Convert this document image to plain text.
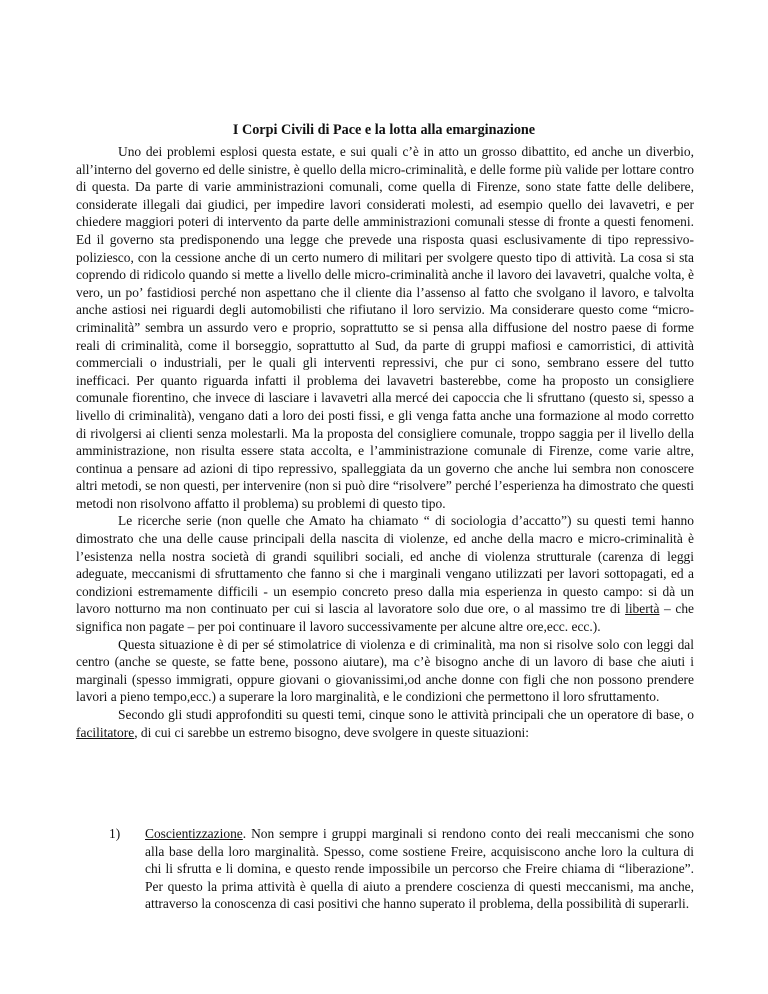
I Corpi Civili di Pace e la lotta alla emarginazione

Uno dei problemi esplosi questa estate, e sui quali c’è in atto un grosso dibattito, ed anche un diverbio, all’interno del governo ed delle sinistre, è quello della micro-criminalità, e delle forme più valide per lottare contro di questa. Da parte di varie amministrazioni comunali, come quella di Firenze, sono state fatte delle delibere, considerate illegali dai giudici, per impedire lavori considerati molesti, ad esempio quello dei lavavetri, e per chiedere maggiori poteri di intervento da parte delle amministrazioni comunali stesse di fronte a questi fenomeni. Ed il governo sta predisponendo una legge che prevede una risposta quasi esclusivamente di tipo repressivo-poliziesco, con la cessione anche di un certo numero di militari per svolgere questo tipo di attività. La cosa si sta coprendo di ridicolo quando si mette a livello delle micro-criminalità anche il lavoro dei lavavetri, qualche volta, è vero, un po’ fastidiosi perché non aspettano che il cliente dia l’assenso al fatto che svolgano il lavoro, e talvolta anche astiosi nei riguardi degli automobilisti che rifiutano il loro servizio. Ma considerare questo come “micro-criminalità” sembra un assurdo vero e proprio, soprattutto se si pensa alla diffusione del nostro paese di forme reali di criminalità, come il borseggio, soprattutto al Sud, da parte di gruppi mafiosi e camorristici, di attività commerciali o industriali, per le quali gli interventi repressivi, che pur ci sono, sembrano essere del tutto inefficaci. Per quanto riguarda infatti il problema dei lavavetri basterebbe, come ha proposto un consigliere comunale fiorentino, che invece di lasciare i lavavetri alla mercé dei capoccia che li sfruttano (questo si, spesso a livello di criminalità), vengano dati a loro dei posti fissi, e gli venga fatta anche una formazione al modo corretto di rivolgersi ai clienti senza molestarli. Ma la proposta del consigliere comunale, troppo saggia per il livello della amministrazione, non risulta essere stata accolta, e l’amministrazione comunale di Firenze, come varie altre, continua a pensare ad azioni di tipo repressivo, spalleggiata da un governo che anche lui sembra non conoscere altri metodi, se non questi, per intervenire (non si può dire “risolvere” perché l’esperienza ha dimostrato che questi metodi non risolvono affatto il problema) su problemi di questo tipo.

Le ricerche serie (non quelle che Amato ha chiamato “ di sociologia d’accatto”) su questi temi hanno dimostrato che una delle cause principali della nascita di violenze, ed anche della macro e micro-criminalità è l’esistenza nella nostra società di grandi squilibri sociali, ed anche di violenza strutturale (carenza di leggi adeguate, meccanismi di sfruttamento che fanno si che i marginali vengano utilizzati per lavori sottopagati, ed a condizioni estremamente difficili - un esempio concreto preso dalla mia esperienza in questo campo: si dà un lavoro notturno ma non continuato per cui si lascia al lavoratore solo due ore, o al massimo tre di libertà – che significa non pagate – per poi continuare il lavoro successivamente per alcune altre ore,ecc. ecc.).

Questa situazione è di per sé stimolatrice di violenza e di criminalità, ma non si risolve solo con leggi dal centro (anche se queste, se fatte bene, possono aiutare), ma c’è bisogno anche di un lavoro di base che aiuti i marginali (spesso immigrati, oppure giovani o giovanissimi,od anche donne con figli che non possono prendere lavori a pieno tempo,ecc.) a superare la loro marginalità, e le condizioni che permettono il loro sfruttamento.

Secondo gli studi approfonditi su questi temi, cinque sono le attività principali che un operatore di base, o facilitatore, di cui ci sarebbe un estremo bisogno, deve svolgere in queste situazioni:

1)	Coscientizzazione. Non sempre i gruppi marginali si rendono conto dei reali meccanismi che sono alla base della loro marginalità. Spesso, come sostiene Freire, acquisiscono anche loro la cultura di chi li sfrutta e li domina, e questo rende impossibile un percorso che Freire chiama di “liberazione”. Per questo la prima attività è quella di aiuto a prendere coscienza di questi meccanismi, ma anche, attraverso la conoscenza di casi positivi che hanno superato il problema, della possibilità di superarli.
